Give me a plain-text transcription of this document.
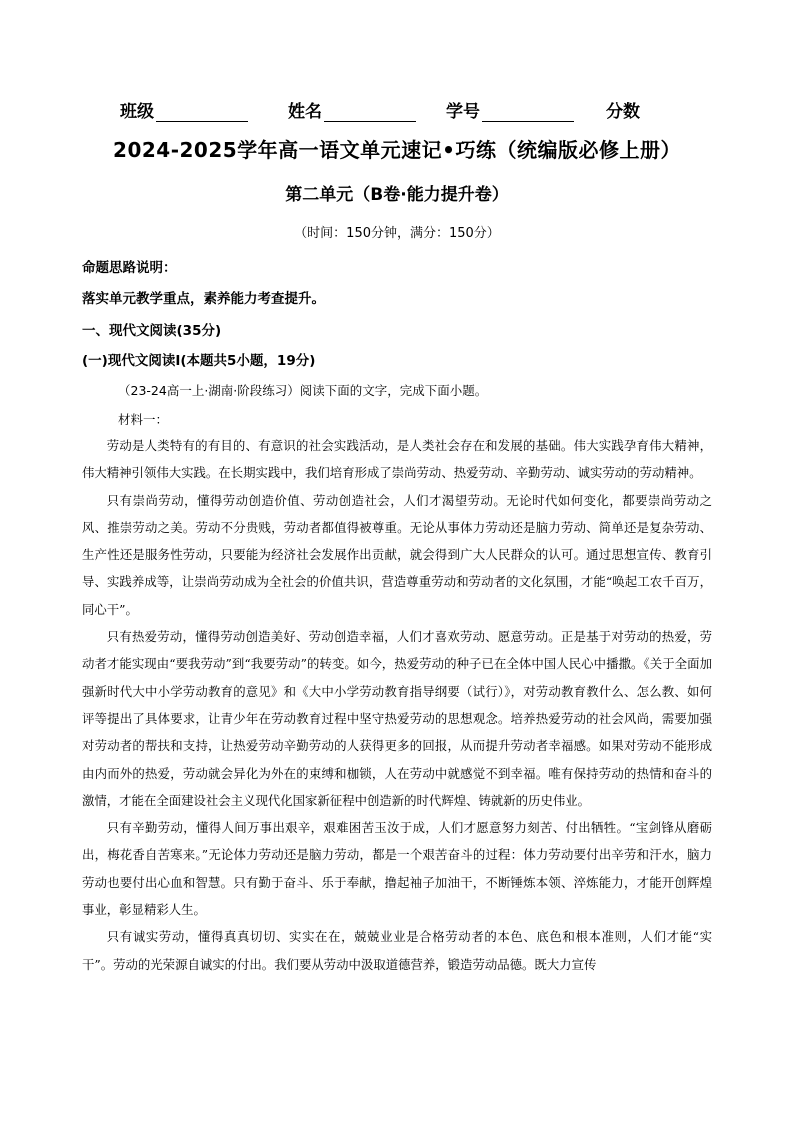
班级	姓名	学号	分数
2024-2025学年高一语文单元速记•巧练（统编版必修上册）
第二单元（B卷·能力提升卷）
（时间：150分钟，满分：150分）
命题思路说明：
落实单元教学重点，素养能力考查提升。
一、现代文阅读(35分)
(一)现代文阅读Ⅰ(本题共5小题，19分)
（23-24高一上·湖南·阶段练习）阅读下面的文字，完成下面小题。
材料一：

劳动是人类特有的有目的、有意识的社会实践活动，是人类社会存在和发展的基础。伟大实践孕育伟大精神，伟大精神引领伟大实践。在长期实践中，我们培育形成了崇尚劳动、热爱劳动、辛勤劳动、诚实劳动的劳动精神。

只有崇尚劳动，懂得劳动创造价值、劳动创造社会，人们才渴望劳动。无论时代如何变化，都要崇尚劳动之风、推崇劳动之美。劳动不分贵贱，劳动者都值得被尊重。无论从事体力劳动还是脑力劳动、简单还是复杂劳动、生产性还是服务性劳动，只要能为经济社会发展作出贡献，就会得到广大人民群众的认可。通过思想宣传、教育引导、实践养成等，让崇尚劳动成为全社会的价值共识，营造尊重劳动和劳动者的文化氛围，才能“唤起工农千百万，同心干”。

只有热爱劳动，懂得劳动创造美好、劳动创造幸福，人们才喜欢劳动、愿意劳动。正是基于对劳动的热爱，劳动者才能实现由“要我劳动”到“我要劳动”的转变。如今，热爱劳动的种子已在全体中国人民心中播撒。《关于全面加强新时代大中小学劳动教育的意见》和《大中小学劳动教育指导纲要（试行）》，对劳动教育教什么、怎么教、如何评等提出了具体要求，让青少年在劳动教育过程中坚守热爱劳动的思想观念。培养热爱劳动的社会风尚，需要加强对劳动者的帮扶和支持，让热爱劳动辛勤劳动的人获得更多的回报，从而提升劳动者幸福感。如果对劳动不能形成由内而外的热爱，劳动就会异化为外在的束缚和枷锁，人在劳动中就感觉不到幸福。唯有保持劳动的热情和奋斗的激情，才能在全面建设社会主义现代化国家新征程中创造新的时代辉煌、铸就新的历史伟业。

只有辛勤劳动，懂得人间万事出艰辛，艰难困苦玉汝于成，人们才愿意努力刻苦、付出牺牲。“宝剑锋从磨砺出，梅花香自苦寒来。”无论体力劳动还是脑力劳动，都是一个艰苦奋斗的过程：体力劳动要付出辛劳和汗水，脑力劳动也要付出心血和智慧。只有勤于奋斗、乐于奉献，撸起袖子加油干，不断锤炼本领、淬炼能力，才能开创辉煌事业，彰显精彩人生。

只有诚实劳动，懂得真真切切、实实在在，兢兢业业是合格劳动者的本色、底色和根本准则，人们才能“实干”。劳动的光荣源自诚实的付出。我们要从劳动中汲取道德营养，锻造劳动品德。既大力宣传
